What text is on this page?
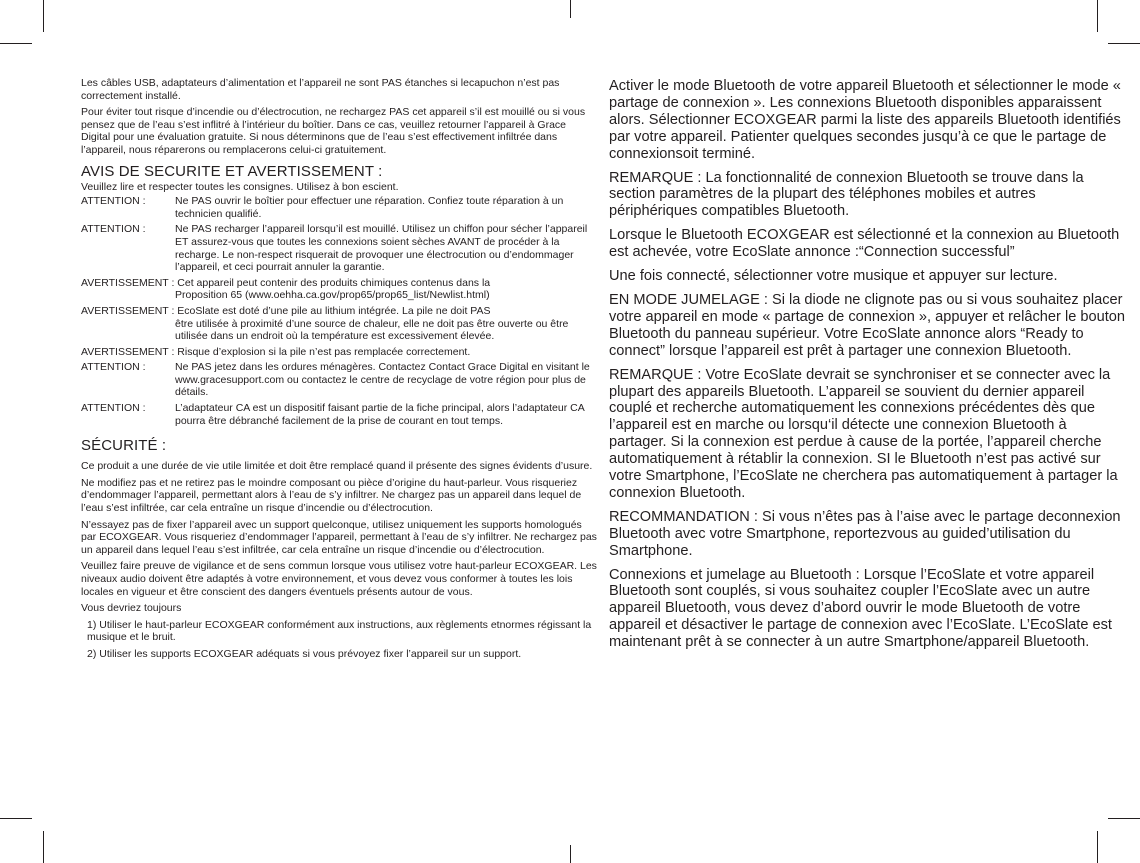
Les câbles USB, adaptateurs d’alimentation et l’appareil ne sont PAS étanches si lecapuchon n’est pas correctement installé.

Pour éviter tout risque d’incendie ou d’électrocution, ne rechargez PAS cet appareil s’il est mouillé ou si vous pensez que de l’eau s’est inflitré à l’intérieur du boîtier. Dans ce cas, veuillez retourner l’appareil à Grace Digital pour une évaluation gratuite. Si nous déterminons que de l’eau s’est effectivement infiltrée dans l’appareil, nous réparerons ou remplacerons celui-ci gratuitement.

AVIS DE SECURITE ET AVERTISSEMENT :

Veuillez lire et respecter toutes les consignes. Utilisez à bon escient.

ATTENTION :	Ne PAS ouvrir le boîtier pour effectuer une réparation. Confiez toute réparation à un technicien qualifié.
ATTENTION :	Ne PAS recharger l’appareil lorsqu’il est mouillé. Utilisez un chiffon pour sécher l’appareil ET assurez-vous que toutes les connexions soient sèches AVANT de procéder à la recharge. Le non-respect risquerait de provoquer une électrocution ou d’endommager l’appareil, et ceci pourrait annuler la garantie.
AVERTISSEMENT : Cet appareil peut contenir des produits chimiques contenus dans la
Proposition 65 (www.oehha.ca.gov/prop65/prop65_list/Newlist.html)
AVERTISSEMENT : EcoSlate est doté d’une pile au lithium intégrée. La pile ne doit PAS
être utilisée à proximité d’une source de chaleur, elle ne doit pas être ouverte ou être utilisée dans un endroit où la température est excessivement élevée.
AVERTISSEMENT : Risque d’explosion si la pile n’est pas remplacée correctement.
ATTENTION :	Ne PAS jetez dans les ordures ménagères. Contactez Contact Grace Digital en visitant le www.gracesupport.com ou contactez le centre de recyclage de votre région pour plus de détails.
ATTENTION :	L’adaptateur CA est un dispositif faisant partie de la fiche principal, alors l’adaptateur CA pourra être débranché facilement de la prise de courant en tout temps.
SÉCURITÉ :

Ce produit a une durée de vie utile limitée et doit être remplacé quand il présente des signes évidents d’usure.

Ne modifiez pas et ne retirez pas le moindre composant ou pièce d’origine du haut-parleur. Vous risqueriez d’endommager l’appareil, permettant alors à l’eau de s’y infiltrer. Ne chargez pas un appareil dans lequel de l’eau s’est infiltrée, car cela entraîne un risque d’incendie ou d’électrocution.

N’essayez pas de fixer l’appareil avec un support quelconque, utilisez uniquement les supports homologués par ECOXGEAR. Vous risqueriez d’endommager l’appareil, permettant à l’eau de s’y infiltrer. Ne rechargez pas un appareil dans lequel l’eau s’est infiltrée, car cela entraîne un risque d’incendie ou d’électrocution.

Veuillez faire preuve de vigilance et de sens commun lorsque vous utilisez votre haut-parleur ECOXGEAR. Les niveaux audio doivent être adaptés à votre environnement, et vous devez vous conformer à toutes les lois locales en vigueur et être conscient des dangers éventuels présents autour de vous.

Vous devriez toujours

1) Utiliser le haut-parleur ECOXGEAR conformément aux instructions, aux règlements etnormes régissant la musique et le bruit.
2) Utiliser les supports ECOXGEAR adéquats si vous prévoyez fixer l’appareil sur un support.

Activer le mode Bluetooth de votre appareil Bluetooth et sélectionner le mode « partage de connexion ». Les connexions Bluetooth disponibles apparaissent alors. Sélectionner ECOXGEAR parmi la liste des appareils Bluetooth identifiés par votre appareil. Patienter quelques secondes jusqu’à ce que le partage de connexionsoit terminé.

REMARQUE : La fonctionnalité de connexion Bluetooth se trouve dans la section paramètres de la plupart des téléphones mobiles et autres périphériques compatibles Bluetooth.

Lorsque le Bluetooth ECOXGEAR est sélectionné et la connexion au Bluetooth est achevée, votre EcoSlate annonce :“Connection successful”

Une fois connecté, sélectionner votre musique et appuyer sur lecture.

EN MODE JUMELAGE : Si la diode ne clignote pas ou si vous souhaitez placer votre appareil en mode « partage de connexion », appuyer et relâcher le bouton Bluetooth du panneau supérieur. Votre EcoSlate annonce alors “Ready to connect” lorsque l’appareil est prêt à partager une connexion Bluetooth.

REMARQUE : Votre EcoSlate devrait se synchroniser et se connecter avec la plupart des appareils Bluetooth. L’appareil se souvient du dernier appareil couplé et recherche automatiquement les connexions précédentes dès que l’appareil est en marche ou lorsqu‘il détecte une connexion Bluetooth à partager. Si la connexion est perdue à cause de la portée, l’appareil cherche automatiquement à rétablir la connexion. SI le Bluetooth n’est pas activé sur votre Smartphone, l’EcoSlate ne cherchera pas automatiquement à partager la connexion Bluetooth.

RECOMMANDATION : Si vous n’êtes pas à l’aise avec le partage deconnexion Bluetooth avec votre Smartphone, reportezvous au guided’utilisation du Smartphone.

Connexions et jumelage au Bluetooth : Lorsque l’EcoSlate et votre appareil Bluetooth sont couplés, si vous souhaitez coupler l’EcoSlate avec un autre appareil Bluetooth, vous devez d’abord ouvrir le mode Bluetooth de votre appareil et désactiver le partage de connexion avec l’EcoSlate. L’EcoSlate est maintenant prêt à se connecter à un autre Smartphone/appareil Bluetooth.
